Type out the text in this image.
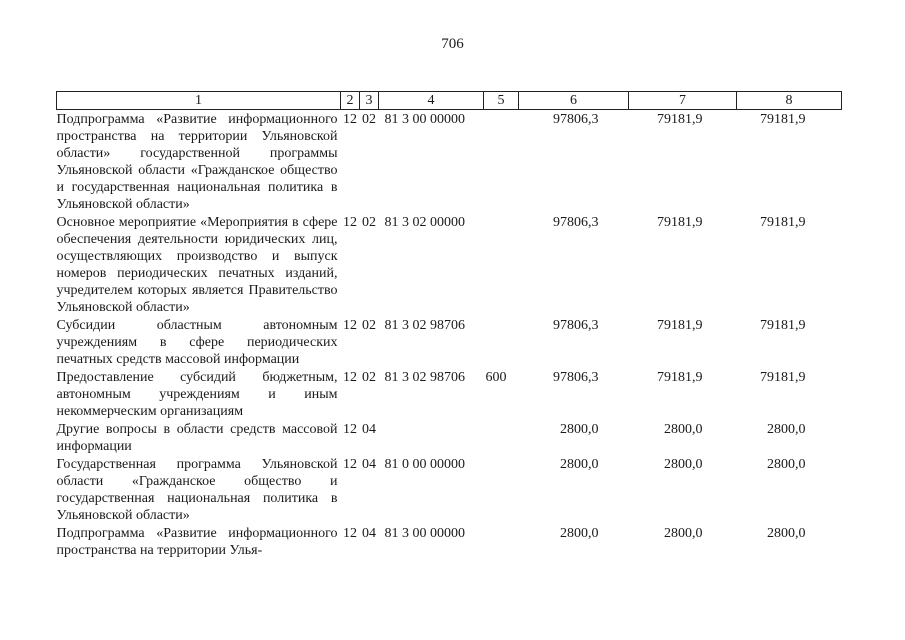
706
1	2	3	4	5	6	7	8
Подпрограмма «Развитие информационного пространства на территории Ульяновской области» государственной программы Ульяновской области «Гражданское общество и государственная национальная политика в Ульяновской области»	12	02	81 3 00 00000		97806,3	79181,9	79181,9
Основное мероприятие «Мероприятия в сфере обеспечения деятельности юридических лиц, осуществляющих производство и выпуск номеров периодических печатных изданий, учредителем которых является Правительство Ульяновской области»	12	02	81 3 02 00000		97806,3	79181,9	79181,9
Субсидии областным автономным учреждениям в сфере периодических печатных средств массовой информации	12	02	81 3 02 98706		97806,3	79181,9	79181,9
Предоставление субсидий бюджетным, автономным учреждениям и иным некоммерческим организациям	12	02	81 3 02 98706	600	97806,3	79181,9	79181,9
Другие вопросы в области средств массовой информации	12	04			2800,0	2800,0	2800,0
Государственная программа Ульяновской области «Гражданское общество и государственная национальная политика в Ульяновской области»	12	04	81 0 00 00000		2800,0	2800,0	2800,0
Подпрограмма «Развитие информационного пространства на территории Улья-	12	04	81 3 00 00000		2800,0	2800,0	2800,0
